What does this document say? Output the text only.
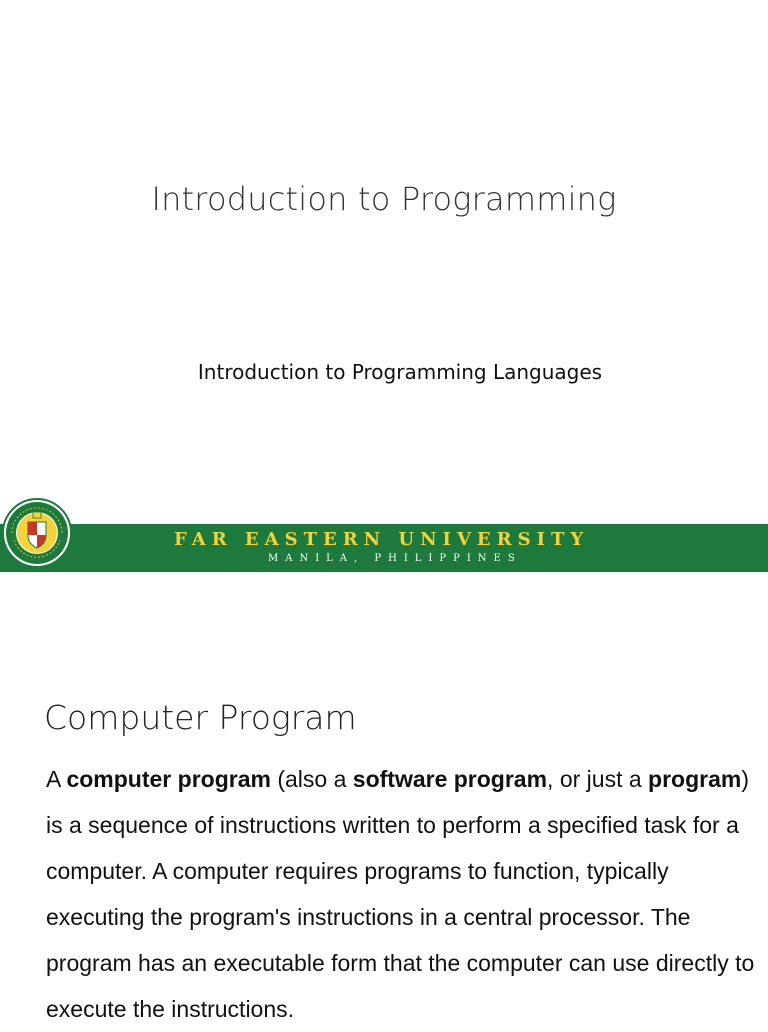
Introduction to Programming
Introduction to Programming Languages
FAR EASTERN UNIVERSITY
MANILA, PHILIPPINES
Computer Program
A computer program (also a software program, or just a program) is a sequence of instructions written to perform a specified task for a computer. A computer requires programs to function, typically executing the program's instructions in a central processor. The program has an executable form that the computer can use directly to execute the instructions.
